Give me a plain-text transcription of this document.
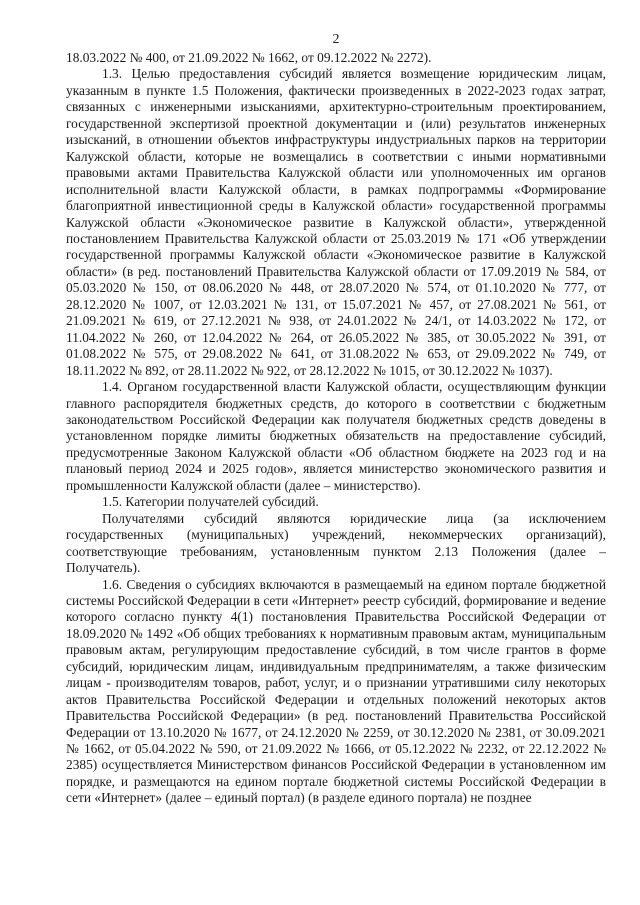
2

18.03.2022 № 400, от 21.09.2022 № 1662, от 09.12.2022 № 2272).

1.3. Целью предоставления субсидий является возмещение юридическим лицам, указанным в пункте 1.5 Положения, фактически произведенных в 2022-2023 годах затрат, связанных с инженерными изысканиями, архитектурно-строительным проектированием, государственной экспертизой проектной документации и (или) результатов инженерных изысканий, в отношении объектов инфраструктуры индустриальных парков на территории Калужской области, которые не возмещались в соответствии с иными нормативными правовыми актами Правительства Калужской области или уполномоченных им органов исполнительной власти Калужской области, в рамках подпрограммы «Формирование благоприятной инвестиционной среды в Калужской области» государственной программы Калужской области «Экономическое развитие в Калужской области», утвержденной постановлением Правительства Калужской области от 25.03.2019 № 171 «Об утверждении государственной программы Калужской области «Экономическое развитие в Калужской области» (в ред. постановлений Правительства Калужской области от 17.09.2019 № 584, от 05.03.2020 № 150, от 08.06.2020 № 448, от 28.07.2020 № 574, от 01.10.2020 № 777, от 28.12.2020 № 1007, от 12.03.2021 № 131, от 15.07.2021 № 457, от 27.08.2021 № 561, от 21.09.2021 № 619, от 27.12.2021 № 938, от 24.01.2022 № 24/1, от 14.03.2022 № 172, от 11.04.2022 № 260, от 12.04.2022 № 264, от 26.05.2022 № 385, от 30.05.2022 № 391, от 01.08.2022 № 575, от 29.08.2022 № 641, от 31.08.2022 № 653, от 29.09.2022 № 749, от 18.11.2022 № 892, от 28.11.2022 № 922, от 28.12.2022 № 1015, от 30.12.2022 № 1037).

1.4. Органом государственной власти Калужской области, осуществляющим функции главного распорядителя бюджетных средств, до которого в соответствии с бюджетным законодательством Российской Федерации как получателя бюджетных средств доведены в установленном порядке лимиты бюджетных обязательств на предоставление субсидий, предусмотренные Законом Калужской области «Об областном бюджете на 2023 год и на плановый период 2024 и 2025 годов», является министерство экономического развития и промышленности Калужской области (далее – министерство).

1.5. Категории получателей субсидий.

Получателями субсидий являются юридические лица (за исключением государственных (муниципальных) учреждений, некоммерческих организаций), соответствующие требованиям, установленным пунктом 2.13 Положения (далее – Получатель).

1.6. Сведения о субсидиях включаются в размещаемый на едином портале бюджетной системы Российской Федерации в сети «Интернет» реестр субсидий, формирование и ведение которого согласно пункту 4(1) постановления Правительства Российской Федерации от 18.09.2020 № 1492 «Об общих требованиях к нормативным правовым актам, муниципальным правовым актам, регулирующим предоставление субсидий, в том числе грантов в форме субсидий, юридическим лицам, индивидуальным предпринимателям, а также физическим лицам - производителям товаров, работ, услуг, и о признании утратившими силу некоторых актов Правительства Российской Федерации и отдельных положений некоторых актов Правительства Российской Федерации» (в ред. постановлений Правительства Российской Федерации от 13.10.2020 № 1677, от 24.12.2020 № 2259, от 30.12.2020 № 2381, от 30.09.2021 № 1662, от 05.04.2022 № 590, от 21.09.2022 № 1666, от 05.12.2022 № 2232, от 22.12.2022 № 2385) осуществляется Министерством финансов Российской Федерации в установленном им порядке, и размещаются на едином портале бюджетной системы Российской Федерации в сети «Интернет» (далее – единый портал) (в разделе единого портала) не позднее
